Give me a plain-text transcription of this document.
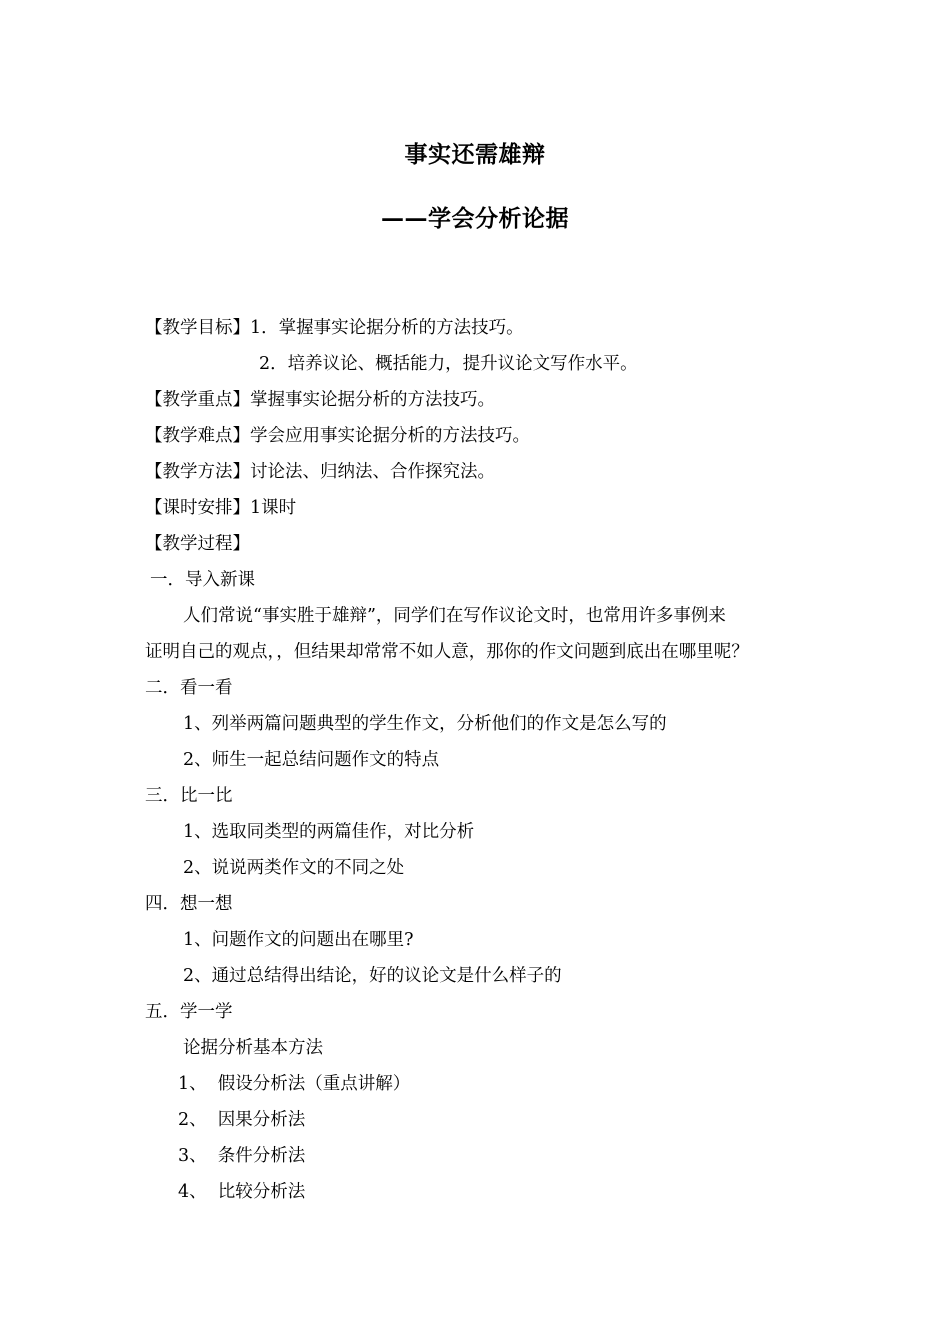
事实还需雄辩
——学会分析论据
【教学目标】1．掌握事实论据分析的方法技巧。
2．培养议论、概括能力，提升议论文写作水平。
【教学重点】掌握事实论据分析的方法技巧。
【教学难点】学会应用事实论据分析的方法技巧。
【教学方法】讨论法、归纳法、合作探究法。
【课时安排】1课时
【教学过程】
一．导入新课
人们常说“事实胜于雄辩”，同学们在写作议论文时，也常用许多事例来
证明自己的观点，，但结果却常常不如人意，那你的作文问题到底出在哪里呢？
二．看一看
1、列举两篇问题典型的学生作文，分析他们的作文是怎么写的
2、师生一起总结问题作文的特点
三．比一比
1、选取同类型的两篇佳作，对比分析
2、说说两类作文的不同之处
四．想一想
1、问题作文的问题出在哪里?
2、通过总结得出结论，好的议论文是什么样子的
五．学一学
论据分析基本方法
1、  假设分析法（重点讲解）
2、  因果分析法
3、  条件分析法
4、  比较分析法
